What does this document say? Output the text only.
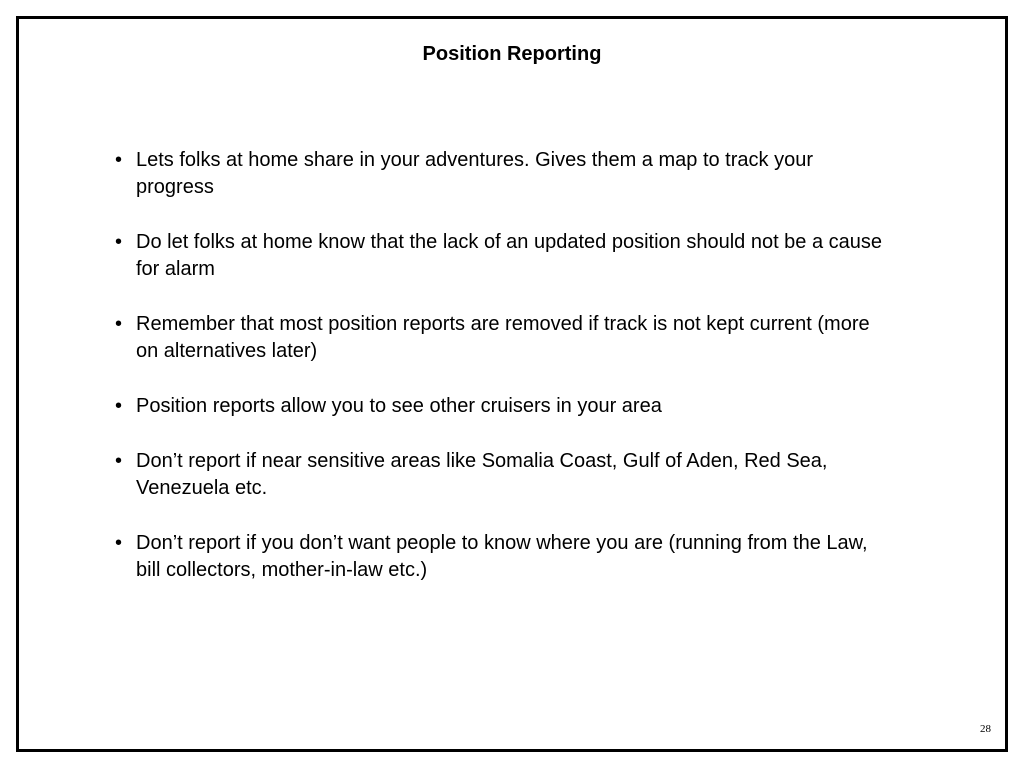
Position Reporting
• Lets folks at home share in your adventures. Gives them a map to track your progress
• Do let folks at home know that the lack of an updated position should not be a cause for alarm
• Remember that most position reports are removed if track is not kept current (more on alternatives later)
• Position reports allow you to see other cruisers in your area
• Don’t report if near sensitive areas like Somalia Coast, Gulf of Aden, Red Sea, Venezuela etc.
• Don’t report if you don’t want people to know where you are (running from the Law, bill collectors, mother-in-law etc.)
28
